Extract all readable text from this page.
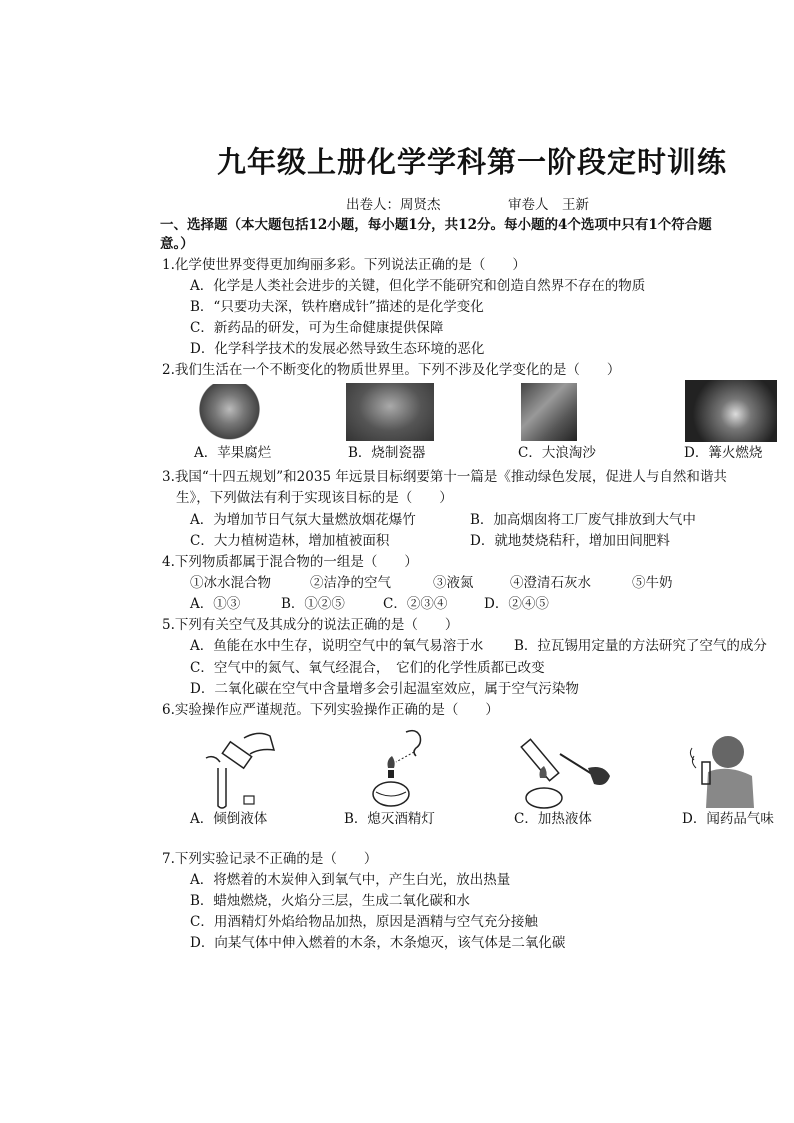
九年级上册化学学科第一阶段定时训练
出卷人：周贤杰	审卷人　王新
一、选择题（本大题包括12小题，每小题1分，共12分。每小题的4个选项中只有1个符合题
意。）
1.化学使世界变得更加绚丽多彩。下列说法正确的是（　　）
A．化学是人类社会进步的关键，但化学不能研究和创造自然界不存在的物质
B．“只要功夫深，铁杵磨成针”描述的是化学变化
C．新药品的研发，可为生命健康提供保障
D．化学科学技术的发展必然导致生态环境的恶化
2.我们生活在一个不断变化的物质世界里。下列不涉及化学变化的是（　　）
A．苹果腐烂	B．烧制瓷器	C．大浪淘沙	D．篝火燃烧
3.我国“十四五规划”和2035 年远景目标纲要第十一篇是《推动绿色发展，促进人与自然和谐共
生》，下列做法有利于实现该目标的是（　　）
A．为增加节日气氛大量燃放烟花爆竹	B．加高烟囱将工厂废气排放到大气中
C．大力植树造林，增加植被面积	D．就地焚烧秸秆，增加田间肥料
4.下列物质都属于混合物的一组是（　　）
①冰水混合物	②洁净的空气	③液氮	④澄清石灰水	⑤牛奶
A．①③	B．①②⑤	C．②③④	D．②④⑤
5.下列有关空气及其成分的说法正确的是（　　）
A．鱼能在水中生存，说明空气中的氧气易溶于水 B．拉瓦锡用定量的方法研究了空气的成分
C．空气中的氮气、氧气经混合，　它们的化学性质都已改变
D．二氧化碳在空气中含量增多会引起温室效应，属于空气污染物
6.实验操作应严谨规范。下列实验操作正确的是（　　）
A．倾倒液体	B．熄灭酒精灯	C．加热液体	D．闻药品气味
7.下列实验记录不正确的是（　　）
A．将燃着的木炭伸入到氧气中，产生白光，放出热量
B．蜡烛燃烧，火焰分三层，生成二氧化碳和水
C．用酒精灯外焰给物品加热，原因是酒精与空气充分接触
D．向某气体中伸入燃着的木条，木条熄灭，该气体是二氧化碳
